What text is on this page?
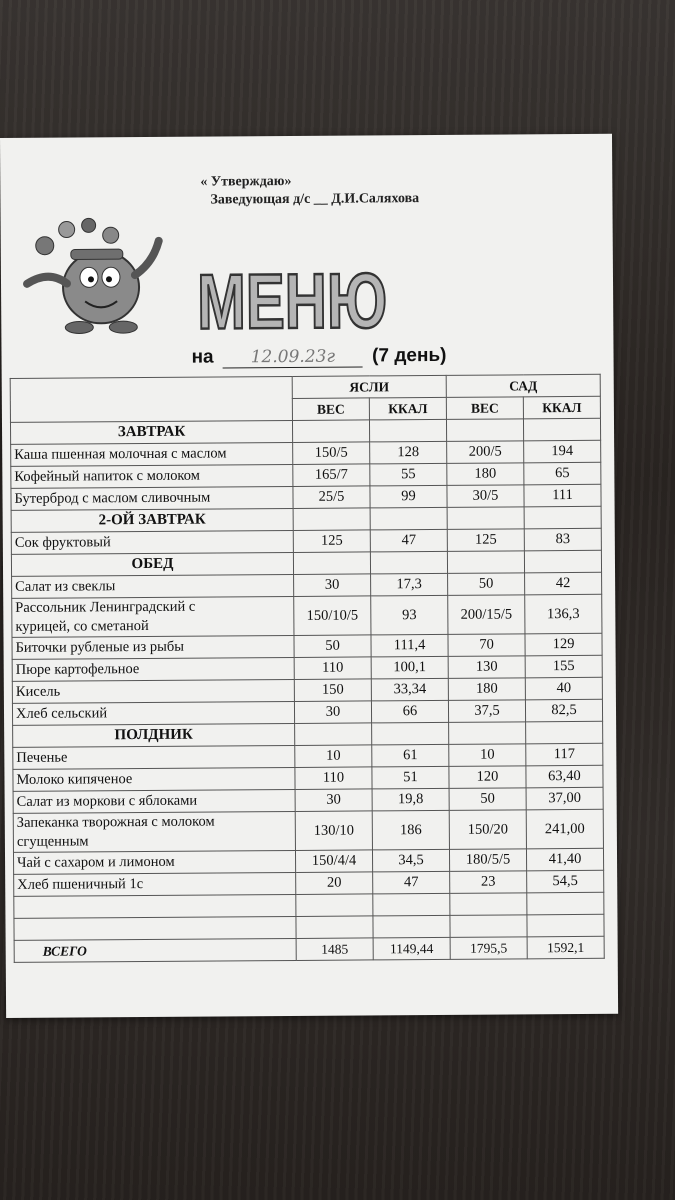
« Утверждаю»
Заведующая д/с __ Д.И.Саляхова
МЕНЮ
на 12.09.23г (7 день)
	ЯСЛИ		САД	
	ВЕС	ККАЛ	ВЕС	ККАЛ
ЗАВТРАК				

Каша пшенная молочная с маслом	150/5	128	200/5	194

Кофейный напиток с молоком	165/7	55	180	65

Бутерброд с маслом сливочным	25/5	99	30/5	111
2-ОЙ ЗАВТРАК				

Сок фруктовый	125	47	125	83
ОБЕД				

Салат из свеклы	30	17,3	50	42

Рассольник Ленинградский с
курицей, со сметаной	150/10/5	93	200/15/5	136,3

Биточки рубленые из рыбы	50	111,4	70	129

Пюре картофельное	110	100,1	130	155

Кисель	150	33,34	180	40

Хлеб сельский	30	66	37,5	82,5
ПОЛДНИК				

Печенье	10	61	10	117

Молоко кипяченое	110	51	120	63,40

Салат из моркови с яблоками	30	19,8	50	37,00

Запеканка творожная с молоком
сгущенным	130/10	186	150/20	241,00

Чай с сахаром и лимоном	150/4/4	34,5	180/5/5	41,40

Хлеб пшеничный 1с	20	47	23	54,5

ВСЕГО	1485	1149,44	1795,5	1592,1
